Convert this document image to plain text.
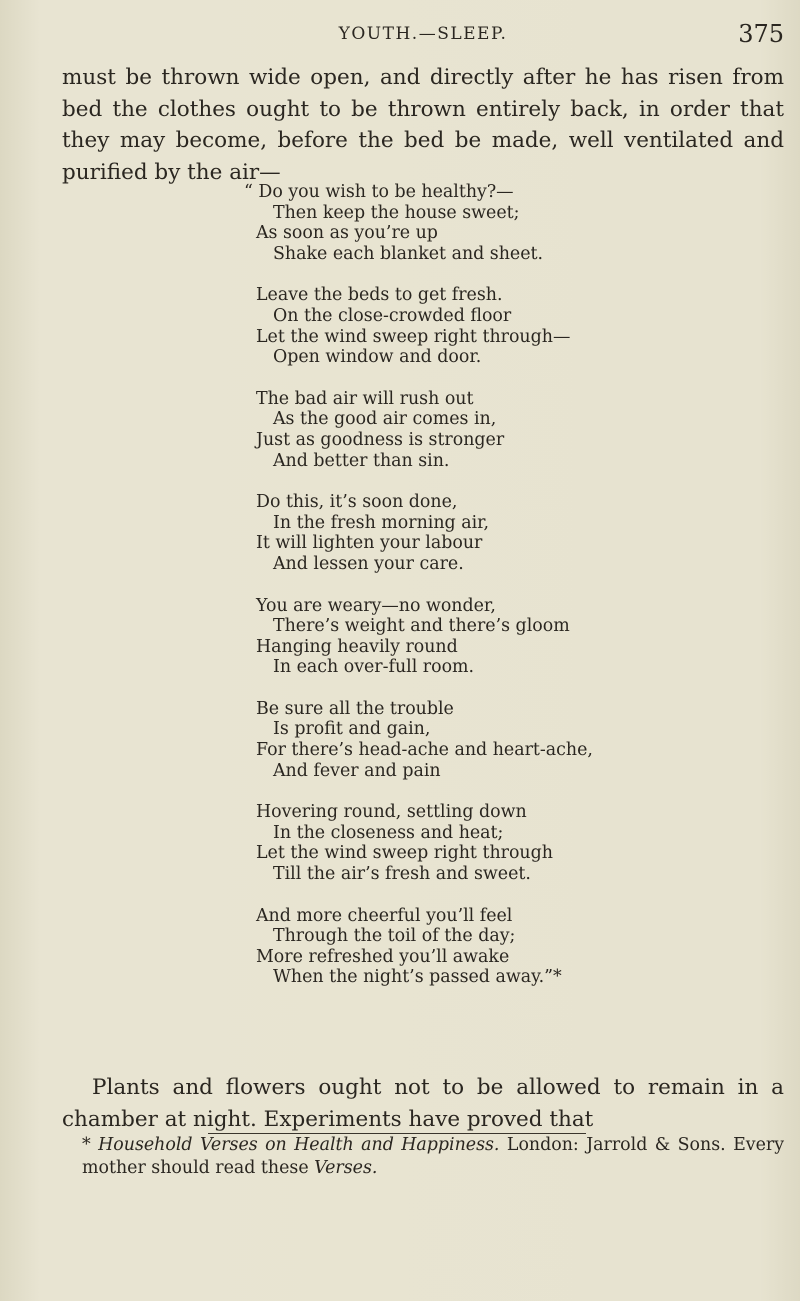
YOUTH.—SLEEP.	375

must be thrown wide open, and directly after he has risen from bed the clothes ought to be thrown entirely back, in order that they may become, before the bed be made, well ventilated and purified by the air—

“ Do you wish to be healthy?—
Then keep the house sweet;
As soon as you’re up
Shake each blanket and sheet.
Leave the beds to get fresh.
On the close-crowded floor
Let the wind sweep right through—
Open window and door.
The bad air will rush out
As the good air comes in,
Just as goodness is stronger
And better than sin.
Do this, it’s soon done,
In the fresh morning air,
It will lighten your labour
And lessen your care.
You are weary—no wonder,
There’s weight and there’s gloom
Hanging heavily round
In each over-full room.
Be sure all the trouble
Is profit and gain,
For there’s head-ache and heart-ache,
And fever and pain
Hovering round, settling down
In the closeness and heat;
Let the wind sweep right through
Till the air’s fresh and sweet.
And more cheerful you’ll feel
Through the toil of the day;
More refreshed you’ll awake
When the night’s passed away.”*

Plants and flowers ought not to be allowed to remain in a chamber at night. Experiments have proved that

* Household Verses on Health and Happiness. London: Jarrold & Sons. Every mother should read these Verses.
